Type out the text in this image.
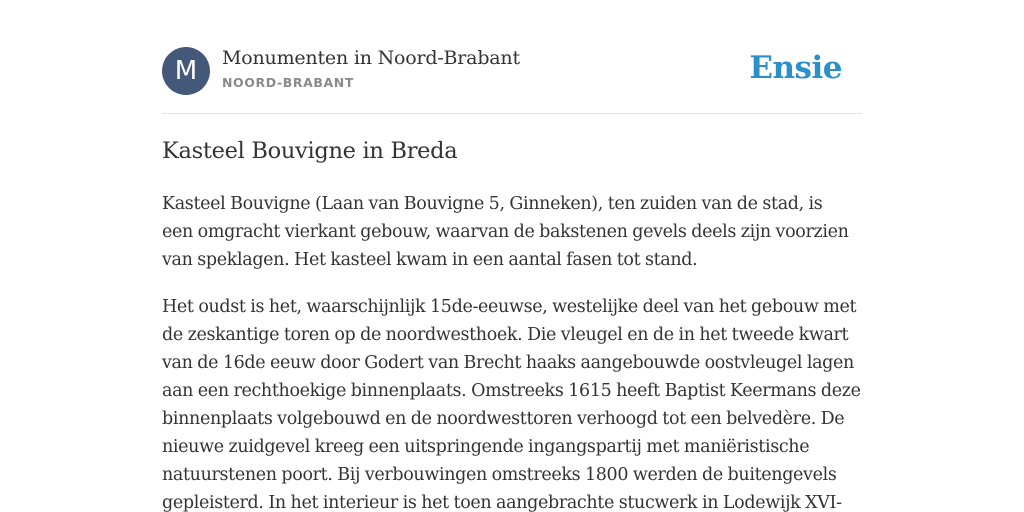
M	Monumenten in Noord-Brabant
NOORD-BRABANT	Ensie
Kasteel Bouvigne in Breda

Kasteel Bouvigne (Laan van Bouvigne 5, Ginneken), ten zuiden van de stad, is
een omgracht vierkant gebouw, waarvan de bakstenen gevels deels zijn voorzien
van speklagen. Het kasteel kwam in een aantal fasen tot stand.

Het oudst is het, waarschijnlijk 15de-eeuwse, westelijke deel van het gebouw met
de zeskantige toren op de noordwesthoek. Die vleugel en de in het tweede kwart
van de 16de eeuw door Godert van Brecht haaks aangebouwde oostvleugel lagen
aan een rechthoekige binnenplaats. Omstreeks 1615 heeft Baptist Keermans deze
binnenplaats volgebouwd en de noordwesttoren verhoogd tot een belvedère. De
nieuwe zuidgevel kreeg een uitspringende ingangspartij met maniëristische
natuurstenen poort. Bij verbouwingen omstreeks 1800 werden de buitengevels
gepleisterd. In het interieur is het toen aangebrachte stucwerk in Lodewijk XVI-
